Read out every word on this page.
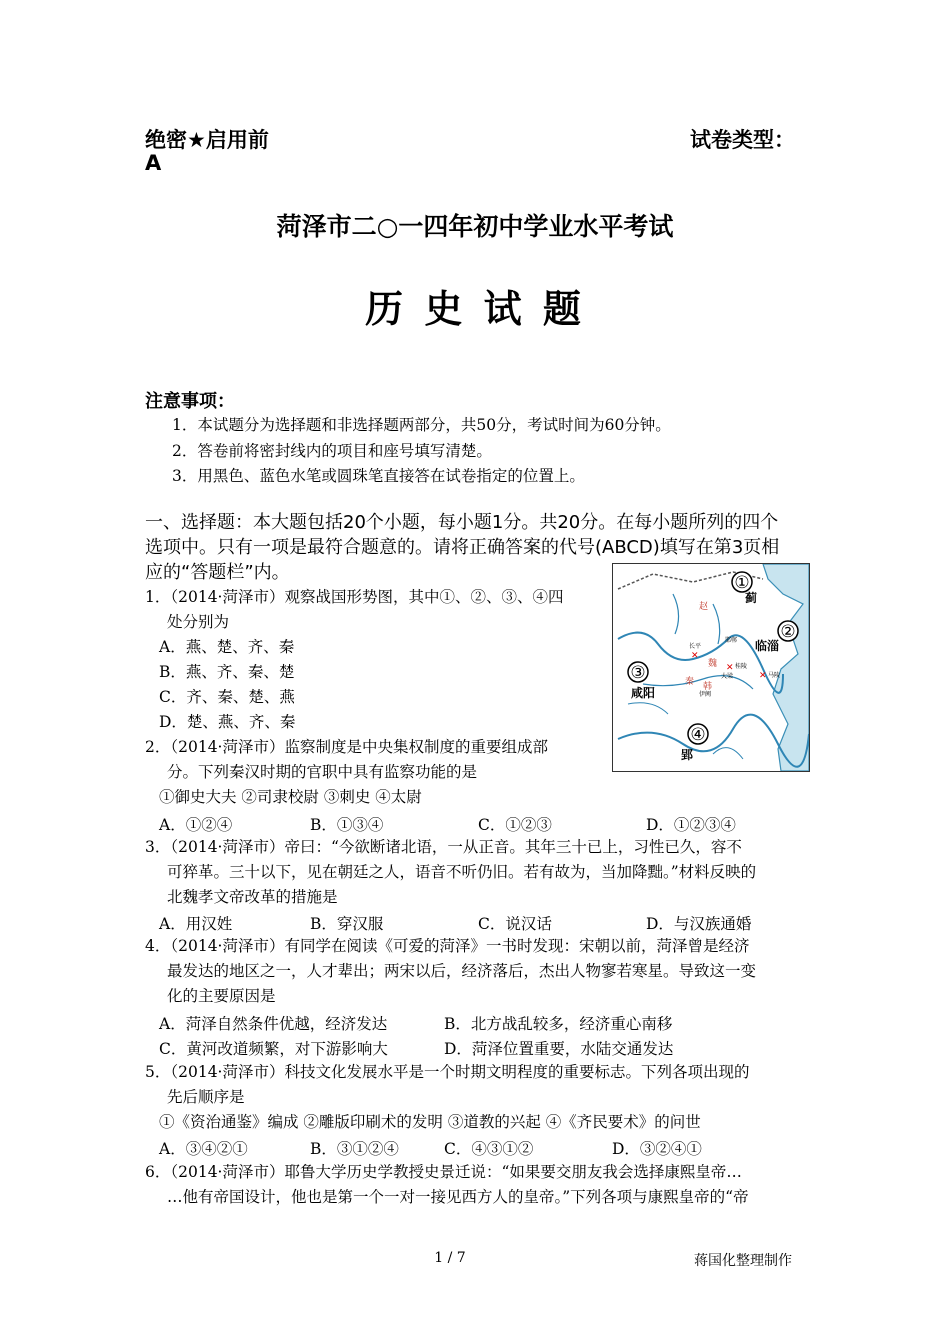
绝密★启用前	试卷类型：
A
菏泽市二○一四年初中学业水平考试
历 史 试 题
注意事项：
1．本试题分为选择题和非选择题两部分，共50分，考试时间为60分钟。
2．答卷前将密封线内的项目和座号填写清楚。
3．用黑色、蓝色水笔或圆珠笔直接答在试卷指定的位置上。
一、选择题：本大题包括20个小题，每小题1分。共20分。在每小题所列的四个
选项中。只有一项是最符合题意的。请将正确答案的代号(ABCD)填写在第3页相
应的“答题栏”内。	①
蓟
②
临淄
③
咸阳
④
郢
赵
魏
韩
秦
邯郸
长平
桂陵
大梁	马陵
伊阙
✕
✕
✕
1．（2014·菏泽市）观察战国形势图，其中①、②、③、④四
处分别为
A．燕、楚、齐、秦
B．燕、齐、秦、楚
C．齐、秦、楚、燕
D．楚、燕、齐、秦
2．（2014·菏泽市）监察制度是中央集权制度的重要组成部
分。下列秦汉时期的官职中具有监察功能的是
①御史大夫 ②司隶校尉 ③刺史 ④太尉
A．①②④	B．①③④	C．①②③	D．①②③④
3．（2014·菏泽市）帝曰：“今欲断诸北语，一从正音。其年三十已上，习性已久，容不
可猝革。三十以下，见在朝廷之人，语音不听仍旧。若有故为，当加降黜。”材料反映的
北魏孝文帝改革的措施是
A．用汉姓	B．穿汉服	C．说汉话	D．与汉族通婚
4．（2014·菏泽市）有同学在阅读《可爱的菏泽》一书时发现：宋朝以前，菏泽曾是经济
最发达的地区之一，人才辈出；两宋以后，经济落后，杰出人物寥若寒星。导致这一变
化的主要原因是
A．菏泽自然条件优越，经济发达	B．北方战乱较多，经济重心南移
C．黄河改道频繁，对下游影响大	D．菏泽位置重要，水陆交通发达
5．（2014·菏泽市）科技文化发展水平是一个时期文明程度的重要标志。下列各项出现的
先后顺序是
①《资治通鉴》编成 ②雕版印刷术的发明 ③道教的兴起 ④《齐民要术》的问世
A．③④②①	B．③①②④	C．④③①②	D．③②④①
6．（2014·菏泽市）耶鲁大学历史学教授史景迁说：“如果要交朋友我会选择康熙皇帝…
…他有帝国设计，他也是第一个一对一接见西方人的皇帝。”下列各项与康熙皇帝的“帝
1 / 7	蒋国化整理制作
